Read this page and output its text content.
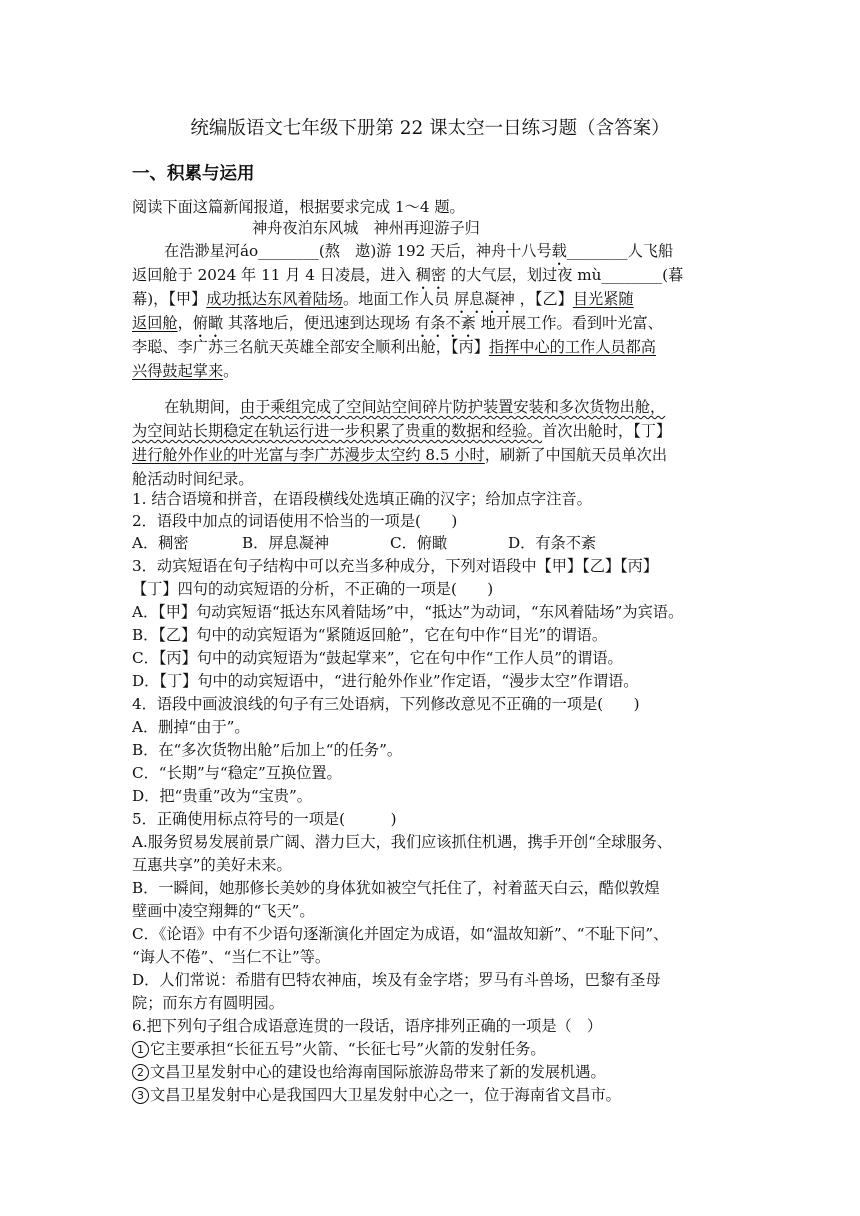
统编版语文七年级下册第 22 课太空一日练习题（含答案）
一、积累与运用
阅读下面这篇新闻报道，根据要求完成 1～4 题。
神舟夜泊东风城　神州再迎游子归
在浩渺星河áo________(熬　遨)游 192 天后，神舟十八号载________人飞船
返回舱于 2024 年 11 月 4 日凌晨，进入 稠密 的大气层，划过夜 mù________(暮
幕)，【甲】成功抵达东风着陆场。地面工作人员 屏息凝神 ，【乙】目光紧随
返回舱，俯瞰 其落地后，便迅速到达现场 有条不紊 地开展工作。看到叶光富、
李聪、李广苏三名航天英雄全部安全顺利出舱，【丙】指挥中心的工作人员都高
兴得鼓起掌来。
在轨期间，由于乘组完成了空间站空间碎片防护装置安装和多次货物出舱，
为空间站长期稳定在轨运行进一步积累了贵重的数据和经验。首次出舱时，【丁】
进行舱外作业的叶光富与李广苏漫步太空约 8.5 小时，刷新了中国航天员单次出
舱活动时间纪录。
1. 结合语境和拼音，在语段横线处选填正确的汉字；给加点字注音。
2．语段中加点的词语使用不恰当的一项是(　　)
A．稠密	B．屏息凝神	C．俯瞰	D．有条不紊
3．动宾短语在句子结构中可以充当多种成分，下列对语段中【甲】【乙】【丙】
【丁】四句的动宾短语的分析，不正确的一项是(　　)
A．【甲】句动宾短语“抵达东风着陆场”中，“抵达”为动词，“东风着陆场”为宾语。
B．【乙】句中的动宾短语为“紧随返回舱”，它在句中作“目光”的谓语。
C．【丙】句中的动宾短语为“鼓起掌来”，它在句中作“工作人员”的谓语。
D．【丁】句中的动宾短语中，“进行舱外作业”作定语，“漫步太空”作谓语。
4．语段中画波浪线的句子有三处语病，下列修改意见不正确的一项是(　　)
A．删掉“由于”。
B．在“多次货物出舱”后加上“的任务”。
C．“长期”与“稳定”互换位置。
D．把“贵重”改为“宝贵”。
5．正确使用标点符号的一项是(　　　)
A.服务贸易发展前景广阔、潜力巨大，我们应该抓住机遇，携手开创“全球服务、
互惠共享”的美好未来。
B．一瞬间，她那修长美妙的身体犹如被空气托住了，衬着蓝天白云，酷似敦煌
壁画中凌空翔舞的“飞天”。
C．《论语》中有不少语句逐渐演化并固定为成语，如“温故知新”、“不耻下问”、
“诲人不倦”、“当仁不让”等。
D．人们常说：希腊有巴特农神庙，埃及有金字塔；罗马有斗兽场，巴黎有圣母
院；而东方有圆明园。
6.把下列句子组合成语意连贯的一段话，语序排列正确的一项是（　）
1 它主要承担“长征五号”火箭、“长征七号”火箭的发射任务。
2 文昌卫星发射中心的建设也给海南国际旅游岛带来了新的发展机遇。
3 文昌卫星发射中心是我国四大卫星发射中心之一，位于海南省文昌市。
